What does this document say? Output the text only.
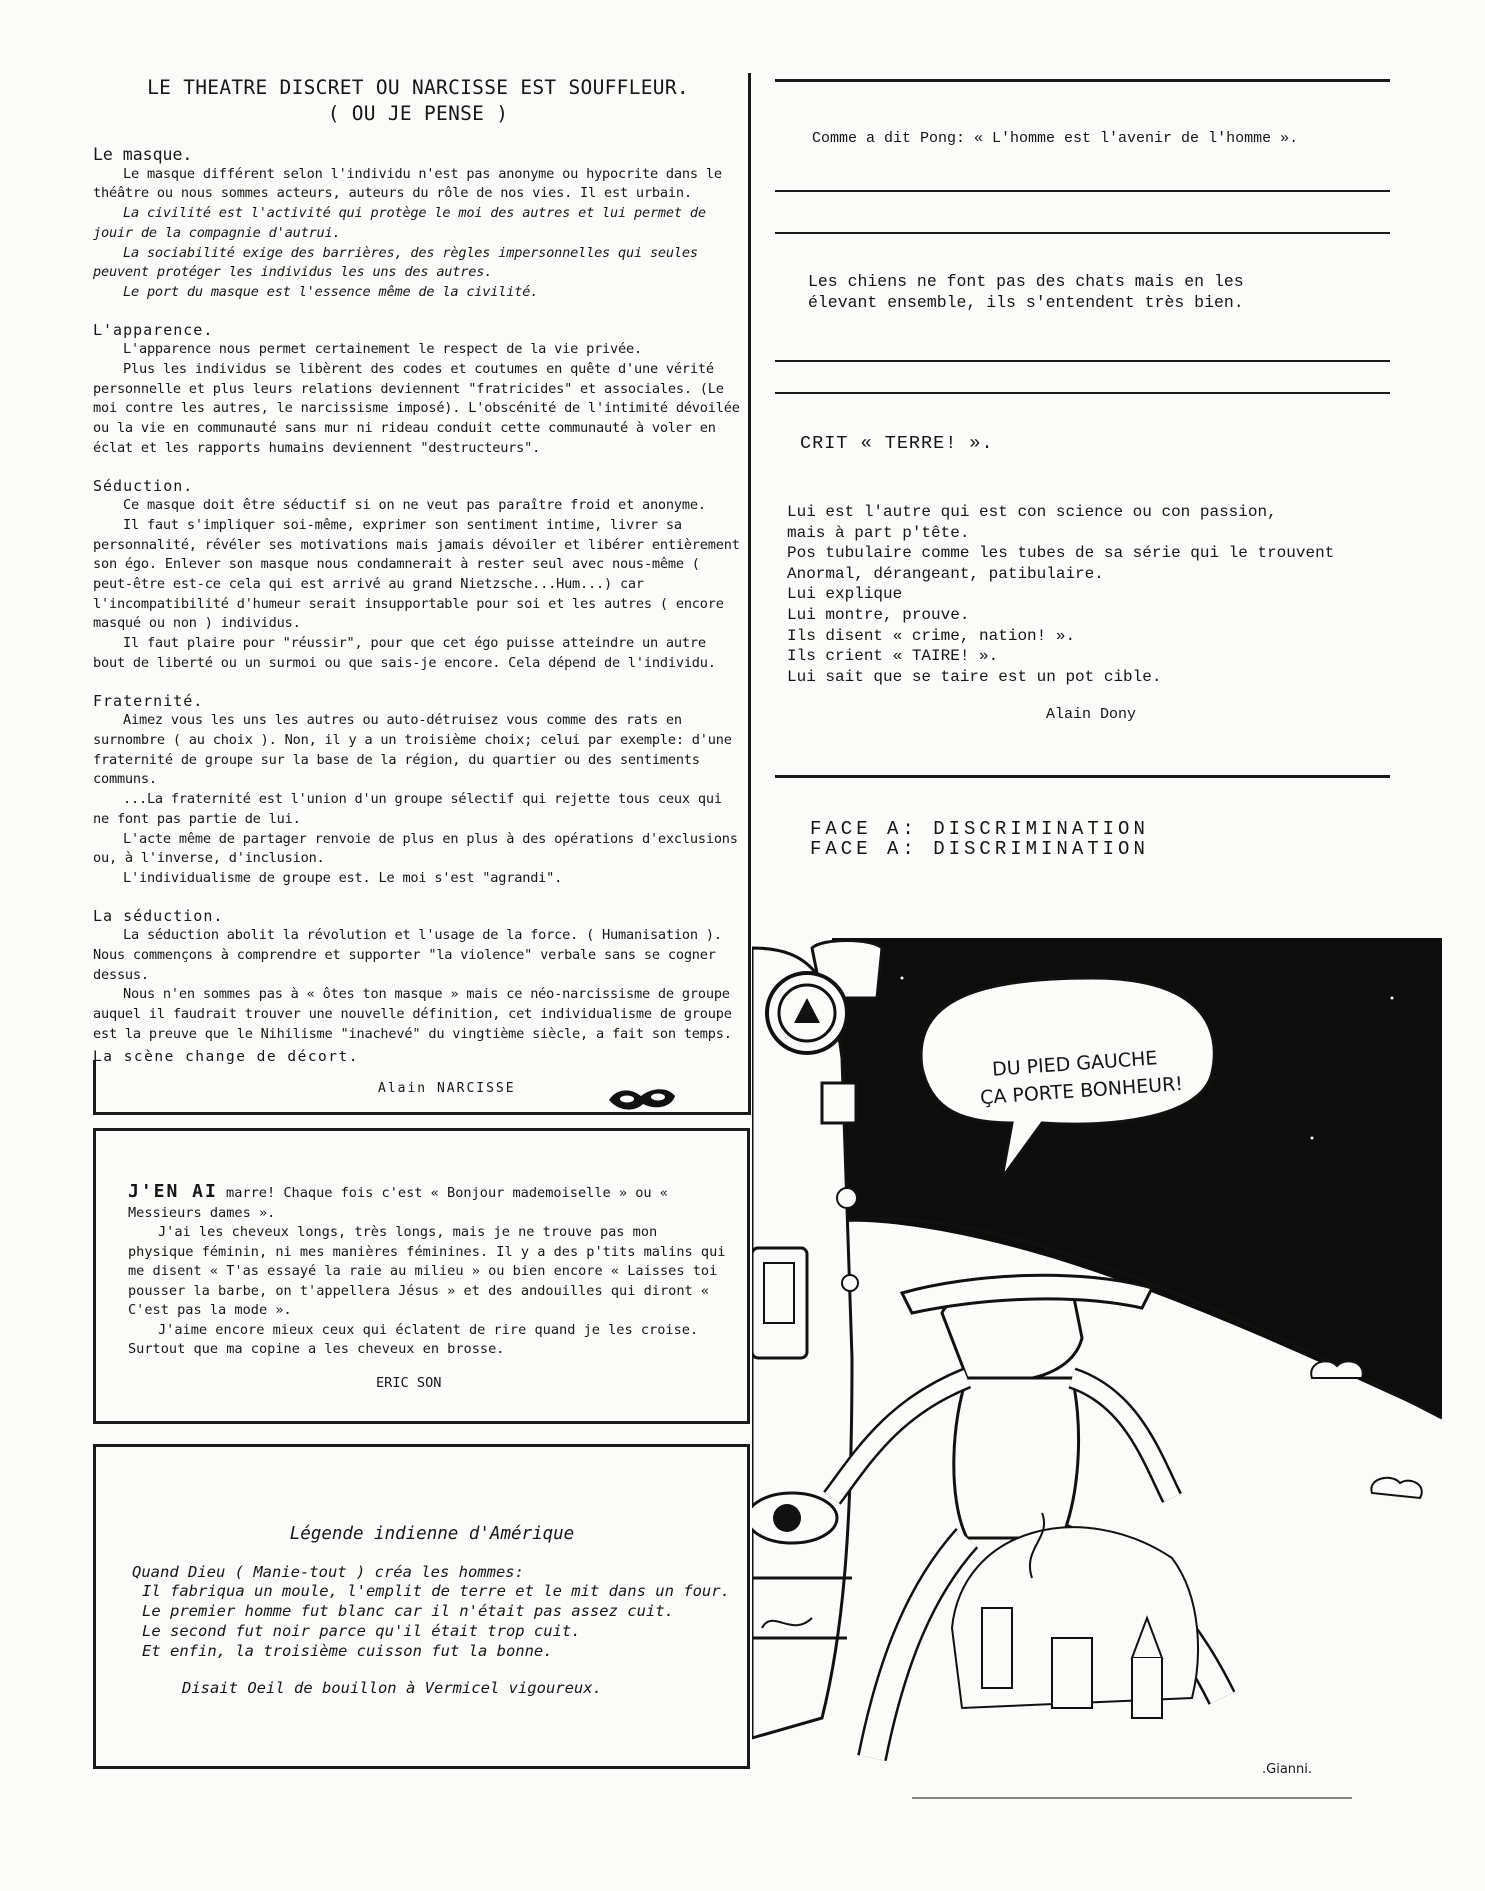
LE THEATRE DISCRET OU NARCISSE EST SOUFFLEUR.
( OU JE PENSE )
Le masque.

Le masque différent selon l'individu n'est pas anonyme ou hypocrite dans le théâtre ou nous sommes acteurs, auteurs du rôle de nos vies. Il est urbain.

La civilité est l'activité qui protège le moi des autres et lui permet de jouir de la compagnie d'autrui.

La sociabilité exige des barrières, des règles impersonnelles qui seules peuvent protéger les individus les uns des autres.

Le port du masque est l'essence même de la civilité.

L'apparence.

L'apparence nous permet certainement le respect de la vie privée.

Plus les individus se libèrent des codes et coutumes en quête d'une vérité personnelle et plus leurs relations deviennent "fratricides" et associales. (Le moi contre les autres, le narcissisme imposé). L'obscénité de l'intimité dévoilée ou la vie en communauté sans mur ni rideau conduit cette communauté à voler en éclat et les rapports humains deviennent "destructeurs".

Séduction.

Ce masque doit être séductif si on ne veut pas paraître froid et anonyme.

Il faut s'impliquer soi-même, exprimer son sentiment intime, livrer sa personnalité, révéler ses motivations mais jamais dévoiler et libérer entièrement son égo. Enlever son masque nous condamnerait à rester seul avec nous-même ( peut-être est-ce cela qui est arrivé au grand Nietzsche...Hum...) car l'incompatibilité d'humeur serait insupportable pour soi et les autres ( encore masqué ou non ) individus.

Il faut plaire pour "réussir", pour que cet égo puisse atteindre un autre bout de liberté ou un surmoi ou que sais-je encore. Cela dépend de l'individu.

Fraternité.

Aimez vous les uns les autres ou auto-détruisez vous comme des rats en surnombre ( au choix ). Non, il y a un troisième choix; celui par exemple: d'une fraternité de groupe sur la base de la région, du quartier ou des sentiments communs.

...La fraternité est l'union d'un groupe sélectif qui rejette tous ceux qui ne font pas partie de lui.

L'acte même de partager renvoie de plus en plus à des opérations d'exclusions ou, à l'inverse, d'inclusion.

L'individualisme de groupe est. Le moi s'est "agrandi".

La séduction.

La séduction abolit la révolution et l'usage de la force. ( Humanisation ). Nous commençons à comprendre et supporter "la violence" verbale sans se cogner dessus.

Nous n'en sommes pas à « ôtes ton masque » mais ce néo-narcissisme de groupe auquel il faudrait trouver une nouvelle définition, cet individualisme de groupe est la preuve que le Nihilisme "inachevé" du vingtième siècle, a fait son temps.

La scène change de décort.
Alain NARCISSE

J'EN AI marre! Chaque fois c'est « Bonjour mademoiselle » ou « Messieurs dames ».

J'ai les cheveux longs, très longs, mais je ne trouve pas mon physique féminin, ni mes manières féminines. Il y a des p'tits malins qui me disent « T'as essayé la raie au milieu » ou bien encore « Laisses toi pousser la barbe, on t'appellera Jésus » et des andouilles qui diront « C'est pas la mode ».

J'aime encore mieux ceux qui éclatent de rire quand je les croise. Surtout que ma copine a les cheveux en brosse.

ERIC SON
Légende indienne d'Amérique
Quand Dieu ( Manie-tout ) créa les hommes:
Il fabriqua un moule, l'emplit de terre et le mit dans un four.
Le premier homme fut blanc car il n'était pas assez cuit.
Le second fut noir parce qu'il était trop cuit.
Et enfin, la troisième cuisson fut la bonne.
Disait Oeil de bouillon à Vermicel vigoureux.
Comme a dit Pong: « L'homme est l'avenir de l'homme ».
Les chiens ne font pas des chats mais en les
élevant ensemble, ils s'entendent très bien.
CRIT « TERRE! ».
Lui est l'autre qui est con science ou con passion,
mais à part p'tête.
Pos tubulaire comme les tubes de sa série qui le trouvent
Anormal, dérangeant, patibulaire.
Lui explique
Lui montre, prouve.
Ils disent « crime, nation! ».
Ils crient « TAIRE! ».
Lui sait que se taire est un pot cible.
Alain Dony
FACE A: DISCRIMINATION
FACE A: DISCRIMINATION
DU PIED GAUCHE
ÇA PORTE BONHEUR!
.Gianni.
